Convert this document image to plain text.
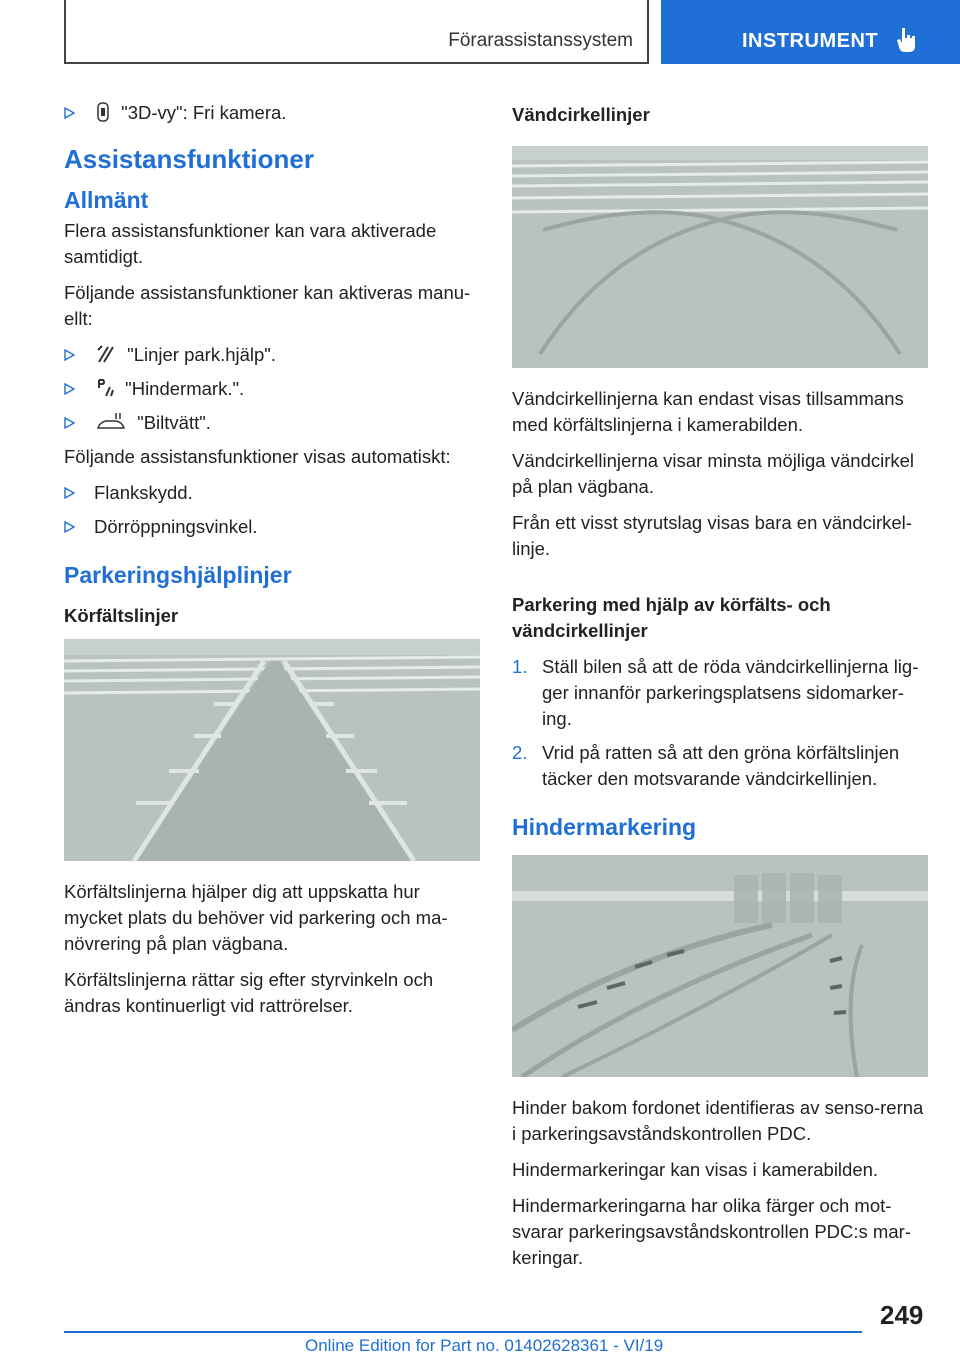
Förarassistanssystem	INSTRUMENT
"3D-vy": Fri kamera.
Assistansfunktioner
Allmänt

Flera assistansfunktioner kan vara aktiverade samtidigt.

Följande assistansfunktioner kan aktiveras manu-ellt:

"Linjer park.hjälp".
"Hindermark.".
"Biltvätt".

Följande assistansfunktioner visas automatiskt:

Flankskydd.
Dörröppningsvinkel.
Parkeringshjälplinjer
Körfältslinjer

Körfältslinjerna hjälper dig att uppskatta hur mycket plats du behöver vid parkering och ma-növrering på plan vägbana.

Körfältslinjerna rättar sig efter styrvinkeln och ändras kontinuerligt vid rattrörelser.

Vändcirkellinjer

Vändcirkellinjerna kan endast visas tillsammans med körfältslinjerna i kamerabilden.

Vändcirkellinjerna visar minsta möjliga vändcirkel på plan vägbana.

Från ett visst styrutslag visas bara en vändcirkel-linje.

Parkering med hjälp av körfälts- och vändcirkellinjer
1. Ställ bilen så att de röda vändcirkellinjerna lig-ger innanför parkeringsplatsens sidomarker-ing.
2. Vrid på ratten så att den gröna körfältslinjen täcker den motsvarande vändcirkellinjen.
Hindermarkering

Hinder bakom fordonet identifieras av senso-rerna i parkeringsavståndskontrollen PDC.

Hindermarkeringar kan visas i kamerabilden.

Hindermarkeringarna har olika färger och mot-svarar parkeringsavståndskontrollen PDC:s mar-keringar.

249
Online Edition for Part no. 01402628361 - VI/19
